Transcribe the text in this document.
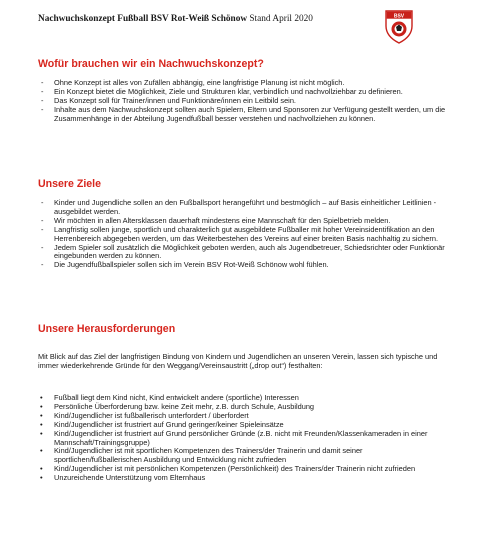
Nachwuchskonzept Fußball BSV Rot-Weiß Schönow Stand April 2020	BSV
Wofür brauchen wir ein Nachwuchskonzept?
- Ohne Konzept ist alles von Zufällen abhängig, eine langfristige Planung ist nicht möglich.
- Ein Konzept bietet die Möglichkeit, Ziele und Strukturen klar, verbindlich und nachvollziehbar zu definieren.
- Das Konzept soll für Trainer/innen und Funktionäre/innen ein Leitbild sein.
- Inhalte aus dem Nachwuchskonzept sollten auch Spielern, Eltern und Sponsoren zur Verfügung gestellt werden, um die Zusammenhänge in der Abteilung Jugendfußball besser verstehen und nachvollziehen zu können.
Unsere Ziele
- Kinder und Jugendliche sollen an den Fußballsport herangeführt und bestmöglich – auf Basis einheitlicher Leitlinien - ausgebildet werden.
- Wir möchten in allen Altersklassen dauerhaft mindestens eine Mannschaft für den Spielbetrieb melden.
- Langfristig sollen junge, sportlich und charakterlich gut ausgebildete Fußballer mit hoher Vereinsidentifikation an den Herrenbereich abgegeben werden, um das Weiterbestehen des Vereins auf einer breiten Basis nachhaltig zu sichern.
- Jedem Spieler soll zusätzlich die Möglichkeit geboten werden, auch als Jugendbetreuer, Schiedsrichter oder Funktionär eingebunden werden zu können.
- Die Jugendfußballspieler sollen sich im Verein BSV Rot-Weiß Schönow wohl fühlen.
Unsere Herausforderungen

Mit Blick auf das Ziel der langfristigen Bindung von Kindern und Jugendlichen an unseren Verein, lassen sich typische und immer wiederkehrende Gründe für den Weggang/Vereinsaustritt („drop out“) festhalten:

• Fußball liegt dem Kind nicht, Kind entwickelt andere (sportliche) Interessen
• Persönliche Überforderung bzw. keine Zeit mehr, z.B. durch Schule, Ausbildung
• Kind/Jugendlicher ist fußballerisch unterfordert / überfordert
• Kind/Jugendlicher ist frustriert auf Grund geringer/keiner Spieleinsätze
• Kind/Jugendlicher ist frustriert auf Grund persönlicher Gründe (z.B. nicht mit Freunden/Klassenkameraden in einer Mannschaft/Trainingsgruppe)
• Kind/Jugendlicher ist mit sportlichen Kompetenzen des Trainers/der Trainerin und damit seiner sportlichen/fußballerischen Ausbildung und Entwicklung nicht zufrieden
• Kind/Jugendlicher ist mit persönlichen Kompetenzen (Persönlichkeit) des Trainers/der Trainerin nicht zufrieden
• Unzureichende Unterstützung vom Elternhaus
